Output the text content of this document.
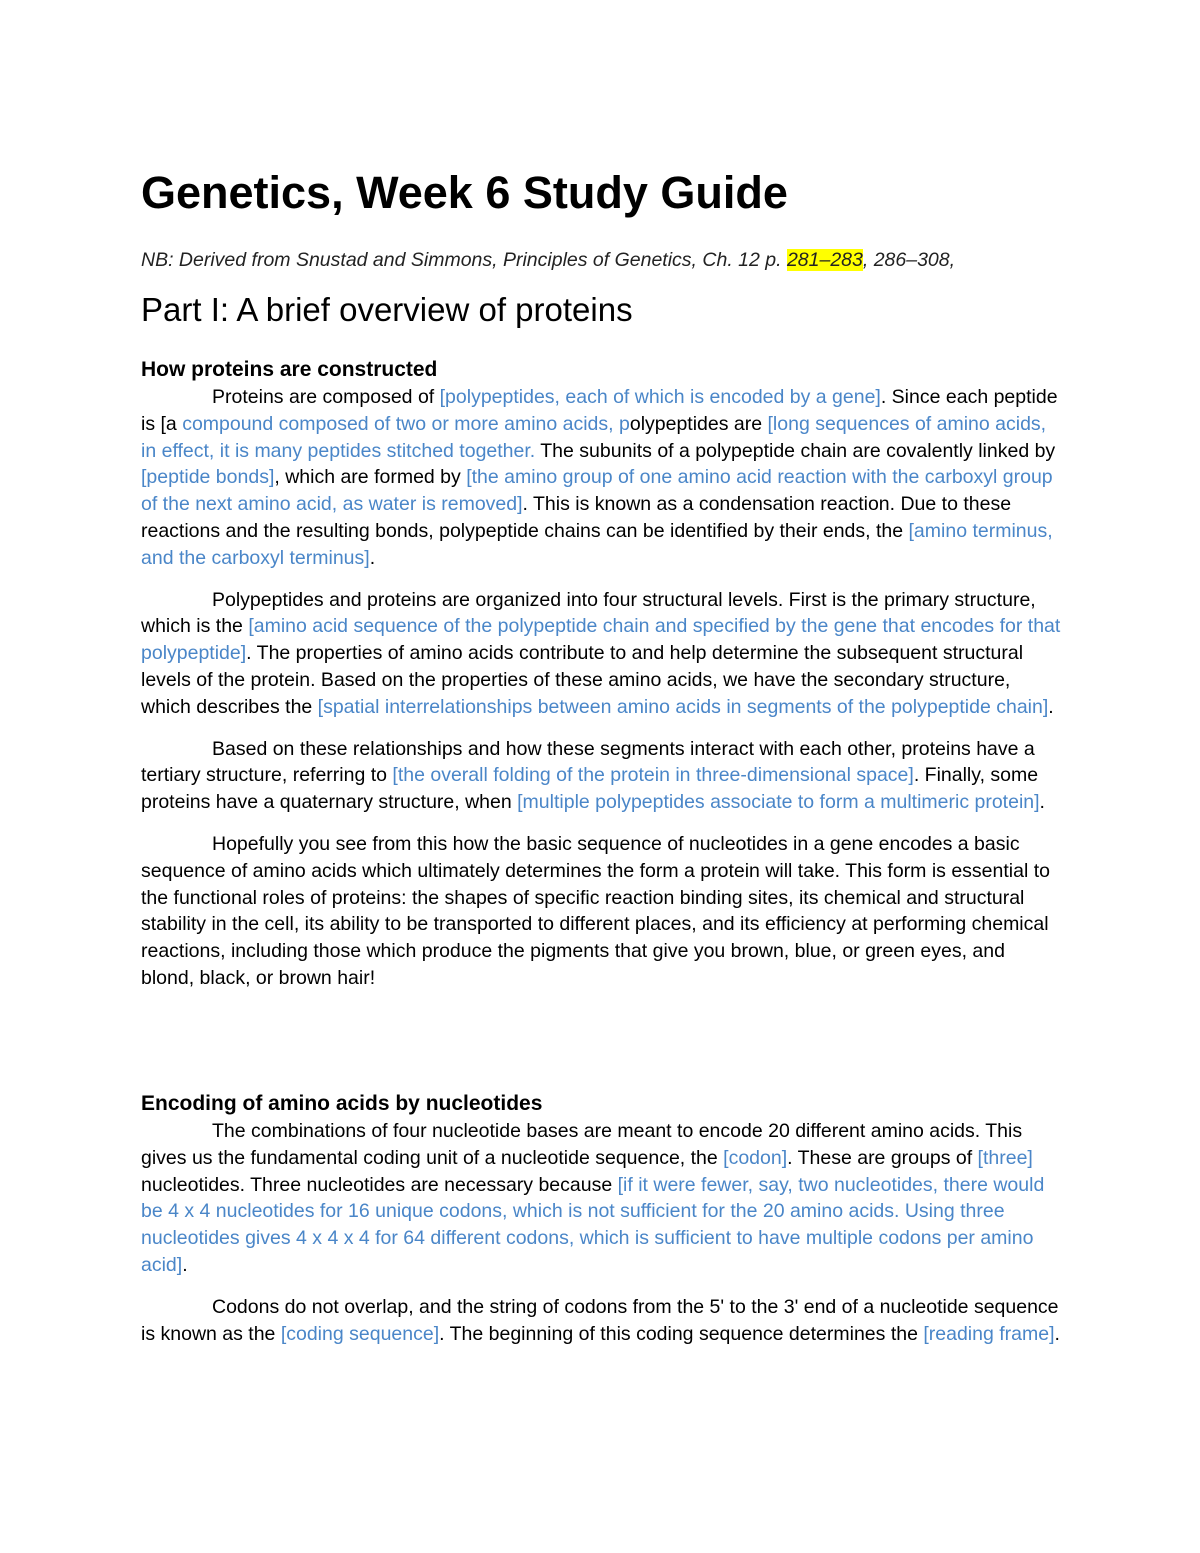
Genetics, Week 6 Study Guide

NB: Derived from Snustad and Simmons, Principles of Genetics, Ch. 12 p. 281–283, 286–308,

Part I: A brief overview of proteins
How proteins are constructed

Proteins are composed of [polypeptides, each of which is encoded by a gene]. Since each peptide is [a compound composed of two or more amino acids, polypeptides are [long sequences of amino acids, in effect, it is many peptides stitched together. The subunits of a polypeptide chain are covalently linked by [peptide bonds], which are formed by [the amino group of one amino acid reaction with the carboxyl group of the next amino acid, as water is removed]. This is known as a condensation reaction. Due to these reactions and the resulting bonds, polypeptide chains can be identified by their ends, the [amino terminus, and the carboxyl terminus].

Polypeptides and proteins are organized into four structural levels. First is the primary structure, which is the [amino acid sequence of the polypeptide chain and specified by the gene that encodes for that polypeptide]. The properties of amino acids contribute to and help determine the subsequent structural levels of the protein. Based on the properties of these amino acids, we have the secondary structure, which describes the [spatial interrelationships between amino acids in segments of the polypeptide chain].

Based on these relationships and how these segments interact with each other, proteins have a tertiary structure, referring to [the overall folding of the protein in three-dimensional space]. Finally, some proteins have a quaternary structure, when [multiple polypeptides associate to form a multimeric protein].

Hopefully you see from this how the basic sequence of nucleotides in a gene encodes a basic sequence of amino acids which ultimately determines the form a protein will take. This form is essential to the functional roles of proteins: the shapes of specific reaction binding sites, its chemical and structural stability in the cell, its ability to be transported to different places, and its efficiency at performing chemical reactions, including those which produce the pigments that give you brown, blue, or green eyes, and blond, black, or brown hair!

Encoding of amino acids by nucleotides

The combinations of four nucleotide bases are meant to encode 20 different amino acids. This gives us the fundamental coding unit of a nucleotide sequence, the [codon]. These are groups of [three] nucleotides. Three nucleotides are necessary because [if it were fewer, say, two nucleotides, there would be 4 x 4 nucleotides for 16 unique codons, which is not sufficient for the 20 amino acids. Using three nucleotides gives 4 x 4 x 4 for 64 different codons, which is sufficient to have multiple codons per amino acid].

Codons do not overlap, and the string of codons from the 5' to the 3' end of a nucleotide sequence is known as the [coding sequence]. The beginning of this coding sequence determines the [reading frame].
